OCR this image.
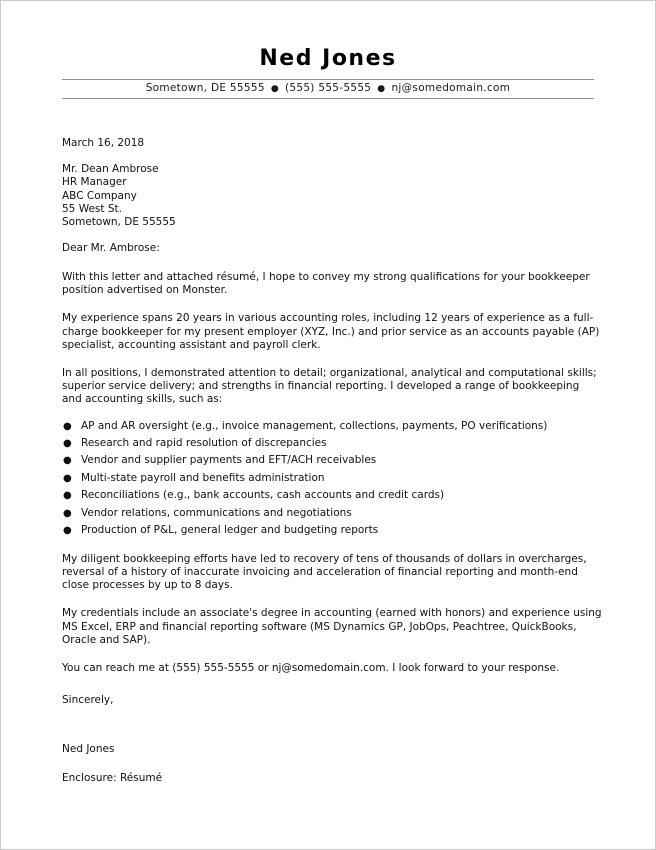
Ned Jones
Sometown, DE 55555 ● (555) 555-5555 ● nj@somedomain.com

March 16, 2018

Mr. Dean Ambrose
HR Manager
ABC Company
55 West St.
Sometown, DE 55555

Dear Mr. Ambrose:

With this letter and attached résumé, I hope to convey my strong qualifications for your bookkeeper position advertised on Monster.

My experience spans 20 years in various accounting roles, including 12 years of experience as a full-charge bookkeeper for my present employer (XYZ, Inc.) and prior service as an accounts payable (AP) specialist, accounting assistant and payroll clerk.

In all positions, I demonstrated attention to detail; organizational, analytical and computational skills; superior service delivery; and strengths in financial reporting. I developed a range of bookkeeping and accounting skills, such as:

● AP and AR oversight (e.g., invoice management, collections, payments, PO verifications)
● Research and rapid resolution of discrepancies
● Vendor and supplier payments and EFT/ACH receivables
● Multi-state payroll and benefits administration
● Reconciliations (e.g., bank accounts, cash accounts and credit cards)
● Vendor relations, communications and negotiations
● Production of P&L, general ledger and budgeting reports

My diligent bookkeeping efforts have led to recovery of tens of thousands of dollars in overcharges, reversal of a history of inaccurate invoicing and acceleration of financial reporting and month-end close processes by up to 8 days.

My credentials include an associate's degree in accounting (earned with honors) and experience using MS Excel, ERP and financial reporting software (MS Dynamics GP, JobOps, Peachtree, QuickBooks, Oracle and SAP).

You can reach me at (555) 555-5555 or nj@somedomain.com. I look forward to your response.

Sincerely,

Ned Jones

Enclosure: Résumé
